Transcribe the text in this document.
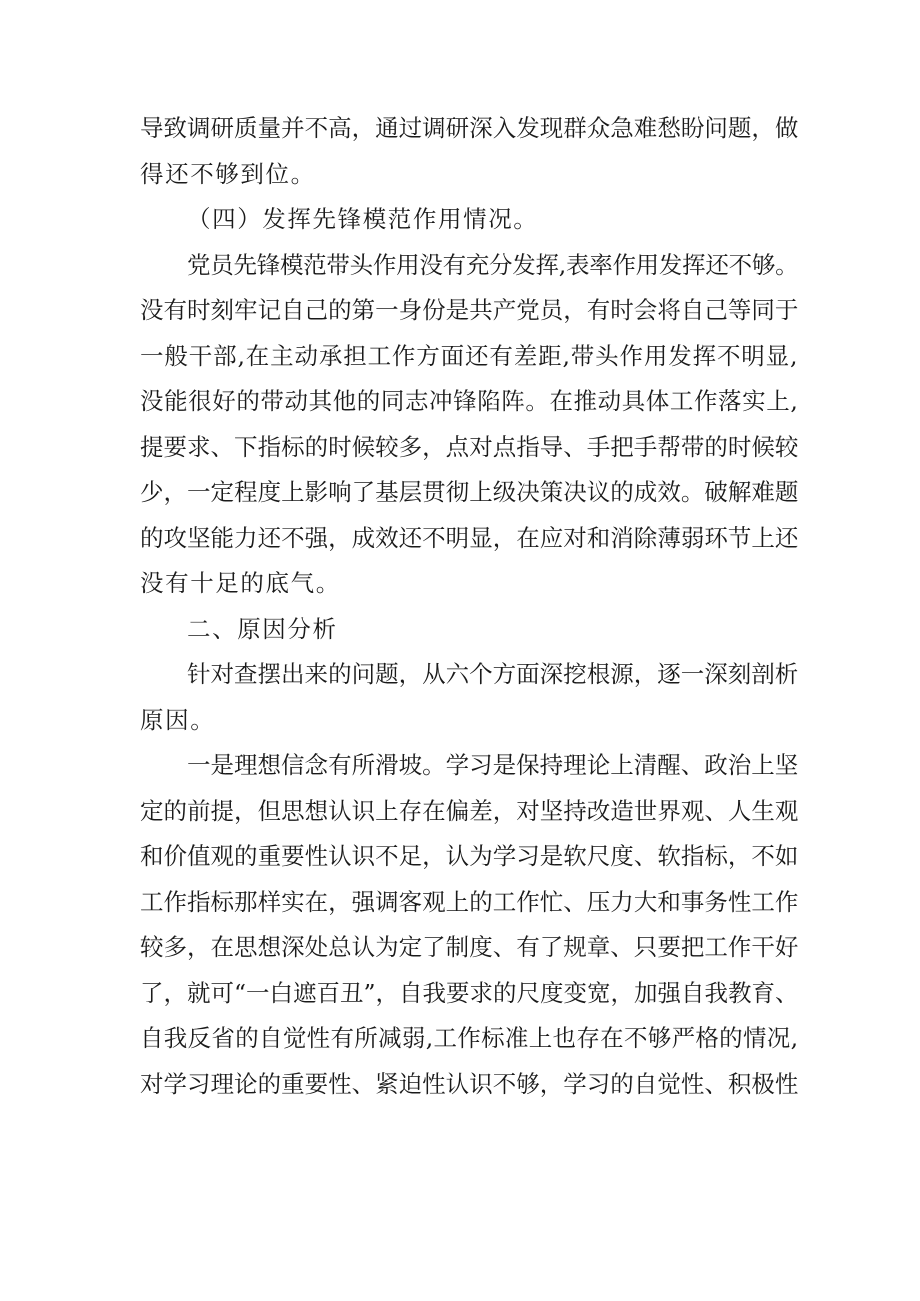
导致调研质量并不高，通过调研深入发现群众急难愁盼问题，做
得还不够到位。
（四）发挥先锋模范作用情况。
党员先锋模范带头作用没有充分发挥,表率作用发挥还不够。
没有时刻牢记自己的第一身份是共产党员，有时会将自己等同于
一般干部,在主动承担工作方面还有差距,带头作用发挥不明显,
没能很好的带动其他的同志冲锋陷阵。在推动具体工作落实上,
提要求、下指标的时候较多，点对点指导、手把手帮带的时候较
少，一定程度上影响了基层贯彻上级决策决议的成效。破解难题
的攻坚能力还不强，成效还不明显，在应对和消除薄弱环节上还
没有十足的底气。
二、原因分析
针对查摆出来的问题，从六个方面深挖根源，逐一深刻剖析
原因。
一是理想信念有所滑坡。学习是保持理论上清醒、政治上坚
定的前提，但思想认识上存在偏差，对坚持改造世界观、人生观
和价值观的重要性认识不足，认为学习是软尺度、软指标，不如
工作指标那样实在，强调客观上的工作忙、压力大和事务性工作
较多，在思想深处总认为定了制度、有了规章、只要把工作干好
了，就可“一白遮百丑”，自我要求的尺度变宽，加强自我教育、
自我反省的自觉性有所减弱,工作标准上也存在不够严格的情况,
对学习理论的重要性、紧迫性认识不够，学习的自觉性、积极性
